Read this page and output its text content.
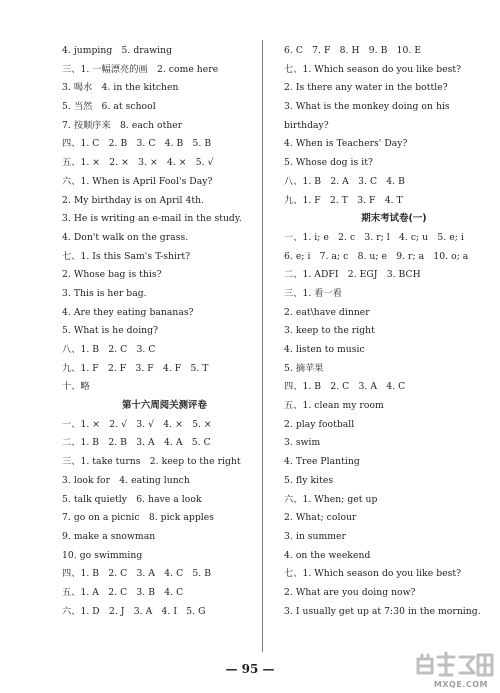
4. jumping　5. drawing
三、1. 一幅漂亮的画　2. come here
3. 喝水　4. in the kitchen
5. 当然　6. at school
7. 按顺序来　8. each other
四、1. C　2. B　3. C　4. B　5. B
五、1. ×　2. ×　3. ×　4. ×　5. √
六、1. When is April Fool's Day?
2. My birthday is on April 4th.
3. He is writing an e-mail in the study.
4. Don't walk on the grass.
七、1. Is this Sam's T-shirt?
2. Whose bag is this?
3. This is her bag.
4. Are they eating bananas?
5. What is he doing?
八、1. B　2. C　3. C
九、1. F　2. F　3. F　4. F　5. T
十、略
第十六周阅关测评卷
一、1. ×　2. √　3. √　4. ×　5. ×
二、1. B　2. B　3. A　4. A　5. C
三、1. take turns　2. keep to the right
3. look for　4. eating lunch
5. talk quietly　6. have a look
7. go on a picnic　8. pick apples
9. make a snowman
10. go swimming
四、1. B　2. C　3. A　4. C　5. B
五、1. A　2. C　3. B　4. C
六、1. D　2. J　3. A　4. I　5. G
6. C　7. F　8. H　9. B　10. E
七、1. Which season do you like best?
2. Is there any water in the bottle?
3. What is the monkey doing on his
birthday?
4. When is Teachers' Day?
5. Whose dog is it?
八、1. B　2. A　3. C　4. B
九、1. F　2. T　3. F　4. T
期末考试卷(一)
一、1. i; e　2. c　3. r; l　4. c; u　5. e; i
6. e; i　7. a; c　8. u; e　9. r; a　10. o; a
二、1. ADFI　2. EGJ　3. BCH
三、1. 看一看
2. eat\have dinner
3. keep to the right
4. listen to music
5. 摘苹果
四、1. B　2. C　3. A　4. C
五、1. clean my room
2. play football
3. swim
4. Tree Planting
5. fly kites
六、1. When; get up
2. What; colour
3. in summer
4. on the weekend
七、1. Which season do you like best?
2. What are you doing now?
3. I usually get up at 7:30 in the morning.
— 95 —
MXQE.COM
